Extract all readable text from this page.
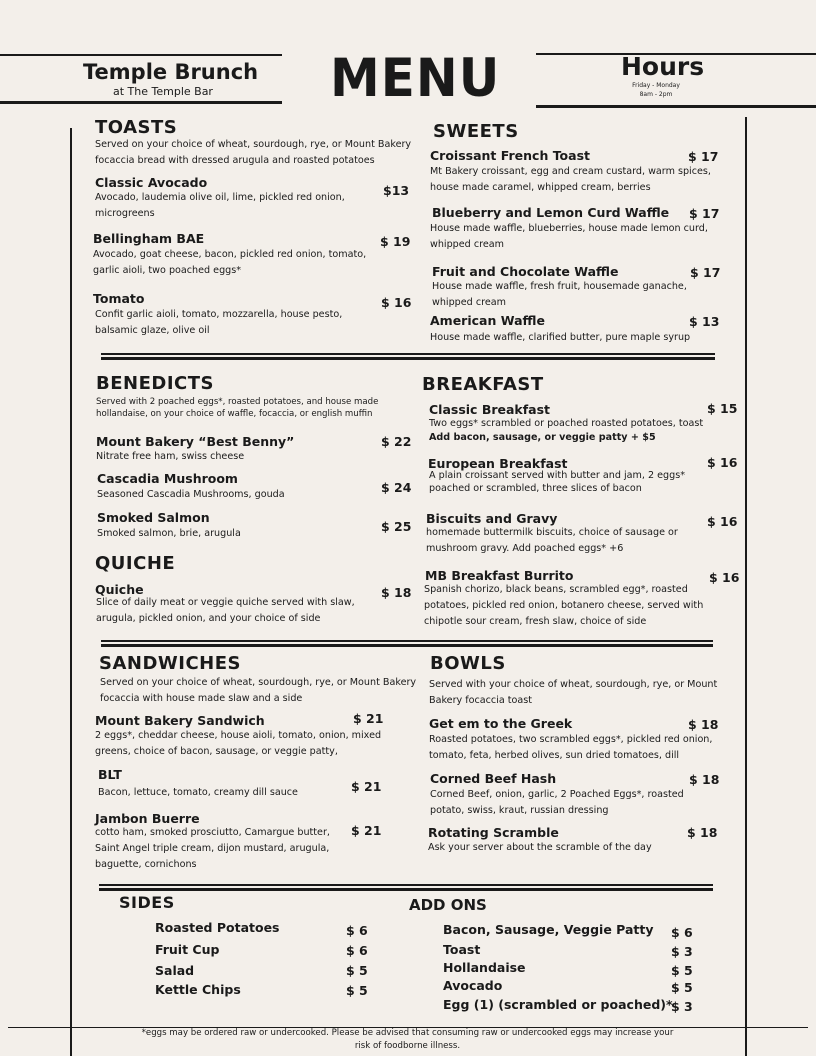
Temple Brunch
at The Temple Bar MENU	Hours
Friday - Monday
8am - 2pm
TOASTS
Served on your choice of wheat, sourdough, rye, or Mount Bakery focaccia bread with dressed arugula and roasted potatoes
Classic Avocado
Avocado, laudemia olive oil, lime, pickled red onion, microgreens
$13
Bellingham BAE
Avocado, goat cheese, bacon, pickled red onion, tomato, garlic aioli, two poached eggs*
$ 19
Tomato
Confit garlic aioli, tomato, mozzarella, house pesto, balsamic glaze, olive oil
$ 16
SWEETS
Croissant French Toast	$ 17
Mt Bakery croissant, egg and cream custard, warm spices, house made caramel, whipped cream, berries
Blueberry and Lemon Curd Waffle $ 17
House made waffle, blueberries, house made lemon curd, whipped cream
Fruit and Chocolate Waffle	$ 17
House made waffle, fresh fruit, housemade ganache, whipped cream
American Waffle	$ 13
House made waffle, clarified butter, pure maple syrup
BENEDICTS
Served with 2 poached eggs*, roasted potatoes, and house made hollandaise, on your choice of waffle, focaccia, or english muffin
Mount Bakery “Best Benny”
Nitrate free ham, swiss cheese
$ 22
Cascadia Mushroom
Seasoned Cascadia Mushrooms, gouda	$ 24
Smoked Salmon
Smoked salmon, brie, arugula	$ 25
QUICHE
Quiche
Slice of daily meat or veggie quiche served with slaw, arugula, pickled onion, and your choice of side
$ 18
BREAKFAST
Classic Breakfast
Two eggs* scrambled or poached roasted potatoes, toast
Add bacon, sausage, or veggie patty + $5
$ 15
European Breakfast
A plain croissant served with butter and jam, 2 eggs* poached or scrambled, three slices of bacon
$ 16
Biscuits and Gravy
homemade buttermilk biscuits, choice of sausage or mushroom gravy. Add poached eggs* +6
$ 16
MB Breakfast Burrito
Spanish chorizo, black beans, scrambled egg*, roasted potatoes, pickled red onion, botanero cheese, served with chipotle sour cream, fresh slaw, choice of side
$ 16
SANDWICHES
Served on your choice of wheat, sourdough, rye, or Mount Bakery focaccia with house made slaw and a side
Mount Bakery Sandwich	$ 21
2 eggs*, cheddar cheese, house aioli, tomato, onion, mixed greens, choice of bacon, sausage, or veggie patty,
BLT
Bacon, lettuce, tomato, creamy dill sauce	$ 21
Jambon Buerre
cotto ham, smoked prosciutto, Camargue butter, Saint Angel triple cream, dijon mustard, arugula, baguette, cornichons
$ 21
BOWLS
Served with your choice of wheat, sourdough, rye, or Mount Bakery focaccia toast
Get em to the Greek	$ 18
Roasted potatoes, two scrambled eggs*, pickled red onion, tomato, feta, herbed olives, sun dried tomatoes, dill
Corned Beef Hash	$ 18
Corned Beef, onion, garlic, 2 Poached Eggs*, roasted potato, swiss, kraut, russian dressing
Rotating Scramble	$ 18
Ask your server about the scramble of the day
SIDES
Roasted Potatoes	$ 6
Fruit Cup	$ 6
Salad	$ 5
Kettle Chips	$ 5
ADD ONS
Bacon, Sausage, Veggie Patty $ 6
Toast	$ 3
Hollandaise	$ 5
Avocado	$ 5
Egg (1) (scrambled or poached)*
$ 3
*eggs may be ordered raw or undercooked. Please be advised that consuming raw or undercooked eggs may increase your risk of foodborne illness.
